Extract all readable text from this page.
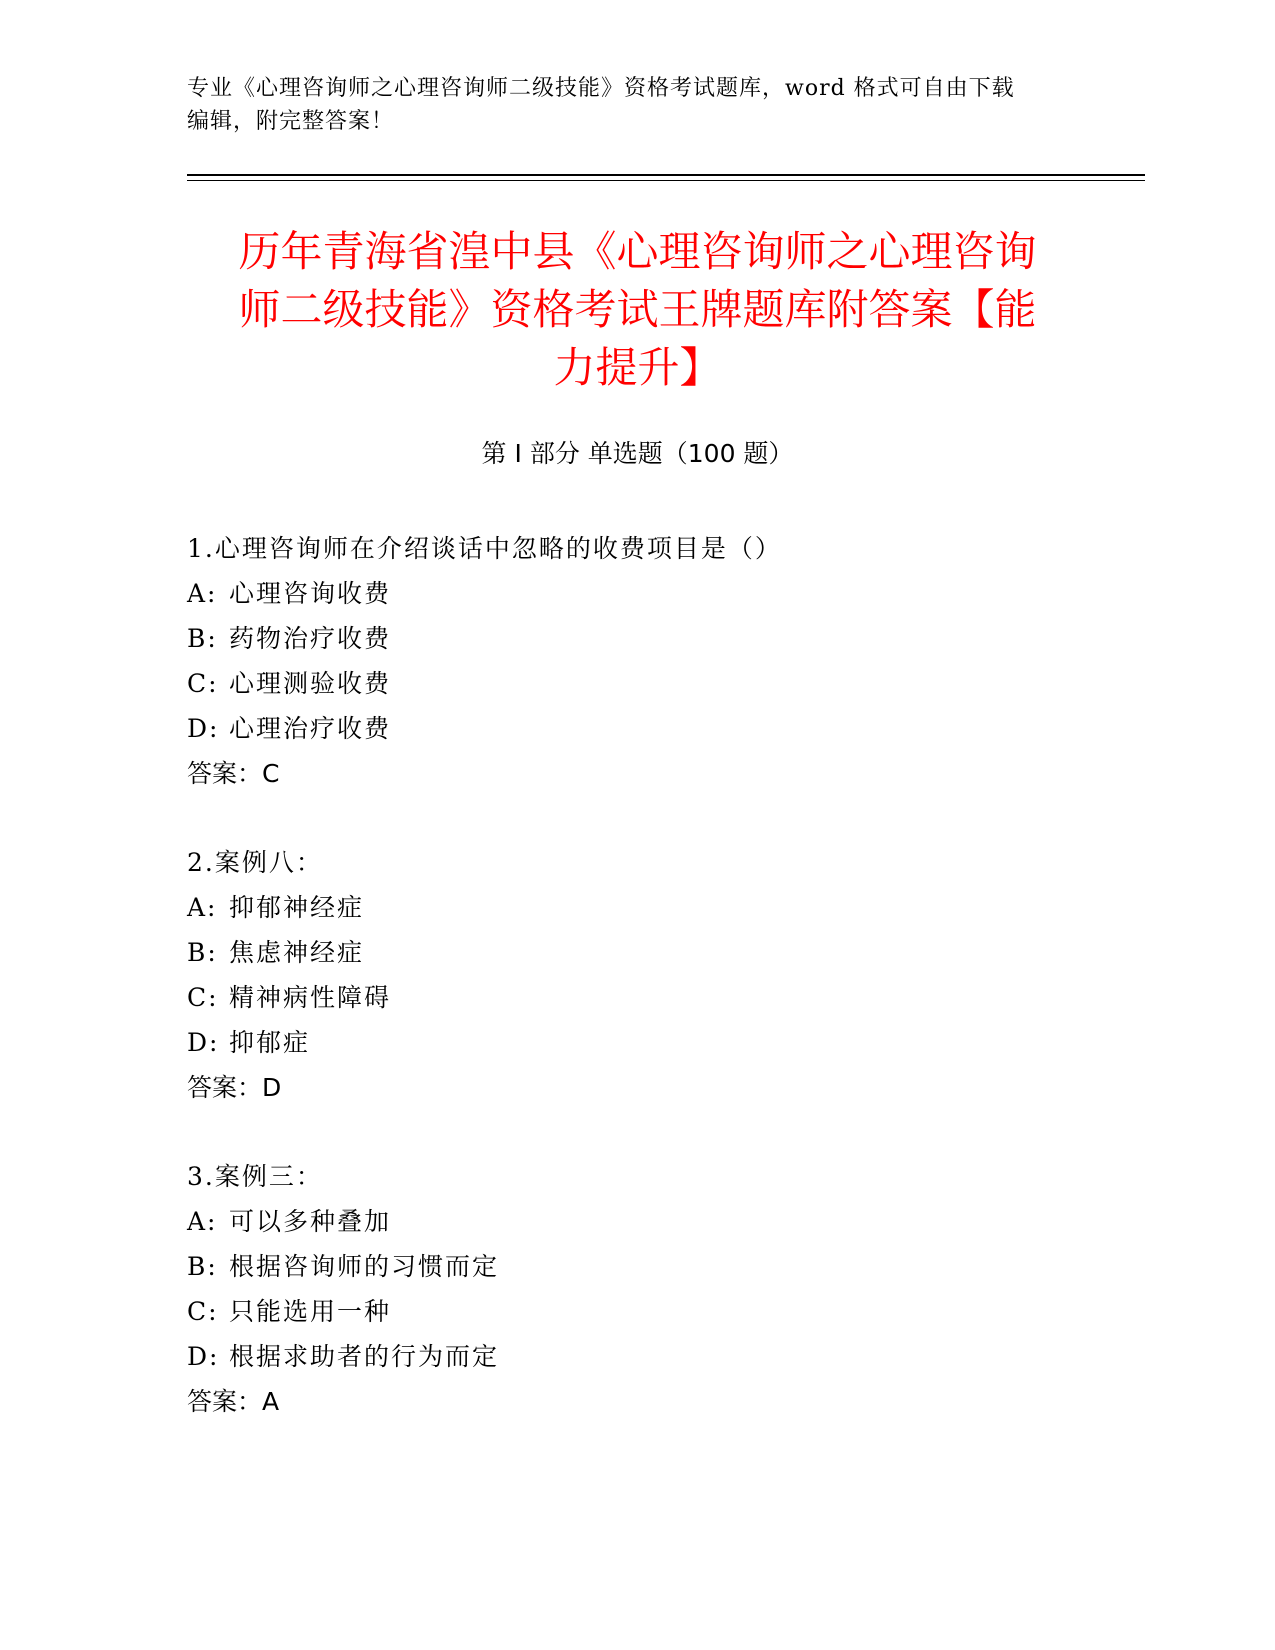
专业《心理咨询师之心理咨询师二级技能》资格考试题库，word 格式可自由下载
编辑，附完整答案！
历年青海省湟中县《心理咨询师之心理咨询
师二级技能》资格考试王牌题库附答案【能
力提升】
第 I 部分 单选题（100 题）
1.心理咨询师在介绍谈话中忽略的收费项目是（）
A: 心理咨询收费
B: 药物治疗收费
C: 心理测验收费
D: 心理治疗收费
答案：C
2.案例八：
A: 抑郁神经症
B: 焦虑神经症
C: 精神病性障碍
D: 抑郁症
答案：D
3.案例三：
A: 可以多种叠加
B: 根据咨询师的习惯而定
C: 只能选用一种
D: 根据求助者的行为而定
答案：A
